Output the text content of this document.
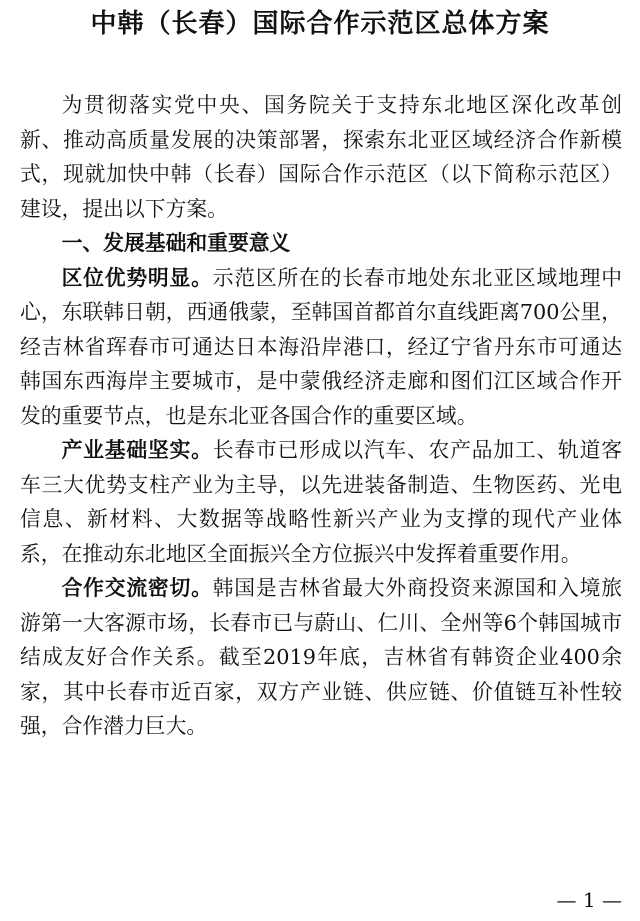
中韩（长春）国际合作示范区总体方案

为贯彻落实党中央、国务院关于支持东北地区深化改革创新、推动高质量发展的决策部署，探索东北亚区域经济合作新模式，现就加快中韩（长春）国际合作示范区（以下简称示范区）建设，提出以下方案。

一、发展基础和重要意义

区位优势明显。示范区所在的长春市地处东北亚区域地理中心，东联韩日朝，西通俄蒙，至韩国首都首尔直线距离700公里，经吉林省珲春市可通达日本海沿岸港口，经辽宁省丹东市可通达韩国东西海岸主要城市，是中蒙俄经济走廊和图们江区域合作开发的重要节点，也是东北亚各国合作的重要区域。

产业基础坚实。长春市已形成以汽车、农产品加工、轨道客车三大优势支柱产业为主导，以先进装备制造、生物医药、光电信息、新材料、大数据等战略性新兴产业为支撑的现代产业体系，在推动东北地区全面振兴全方位振兴中发挥着重要作用。

合作交流密切。韩国是吉林省最大外商投资来源国和入境旅游第一大客源市场，长春市已与蔚山、仁川、全州等6个韩国城市结成友好合作关系。截至2019年底，吉林省有韩资企业400余家，其中长春市近百家，双方产业链、供应链、价值链互补性较强，合作潜力巨大。

— 1 —
